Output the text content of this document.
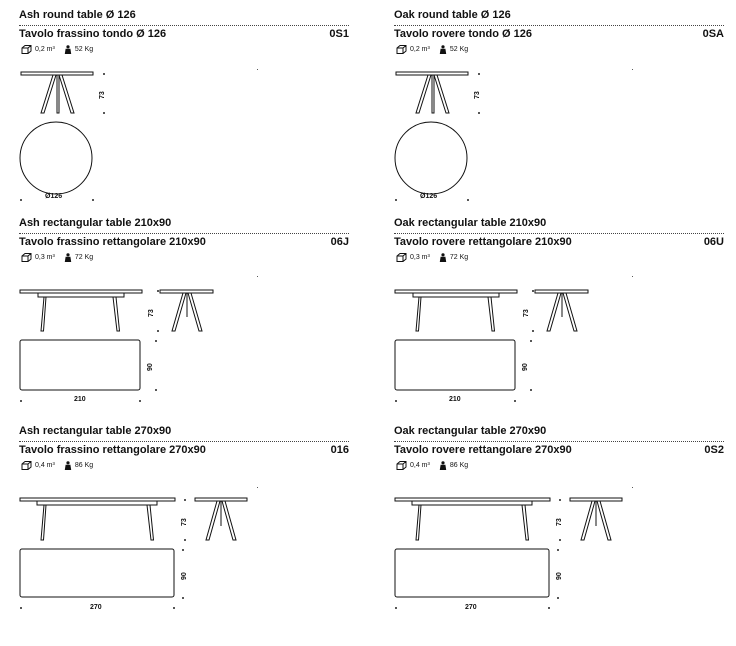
Ash round table Ø 126
Tavolo frassino tondo Ø 126	0S1
0,2 m³	52 Kg
73
Ø126
Oak round table Ø 126
Tavolo rovere tondo Ø 126	0SA
0,2 m³	52 Kg
73
Ø126
Ash rectangular table 210x90
Tavolo frassino rettangolare 210x90	06J
0,3 m³	72 Kg
73
90
210
Oak rectangular table 210x90
Tavolo rovere rettangolare 210x90	06U
0,3 m³	72 Kg
73
90
210
Ash rectangular table 270x90
Tavolo frassino rettangolare 270x90	016
0,4 m³	86 Kg
73
90
270
Oak rectangular table 270x90
Tavolo rovere rettangolare 270x90	0S2
0,4 m³	86 Kg
73
90
270
